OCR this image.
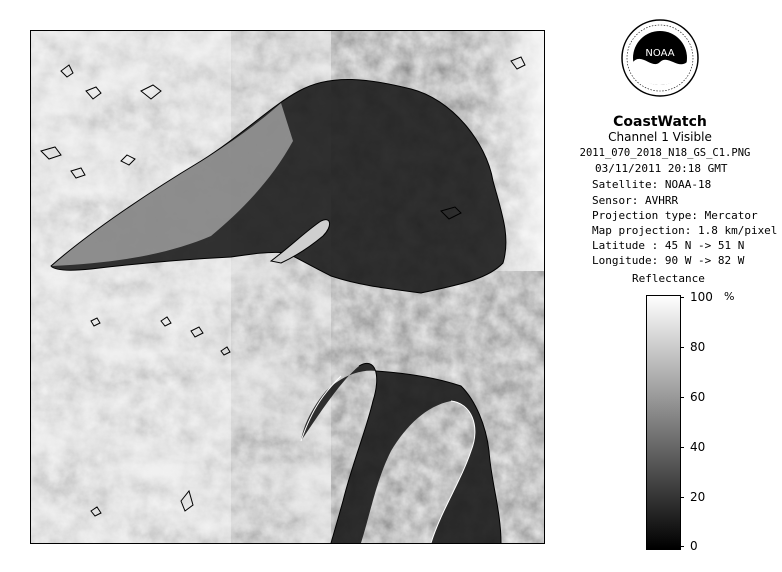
NOAA
CoastWatch
Channel 1 Visible
2011_070_2018_N18_GS_C1.PNG
03/11/2011 20:18 GMT
Satellite: NOAA-18
Sensor: AVHRR
Projection type: Mercator
Map projection: 1.8 km/pixel
Latitude : 45 N -> 51 N
Longitude: 90 W -> 82 W
Reflectance
%
100
80
60
40
20
0
